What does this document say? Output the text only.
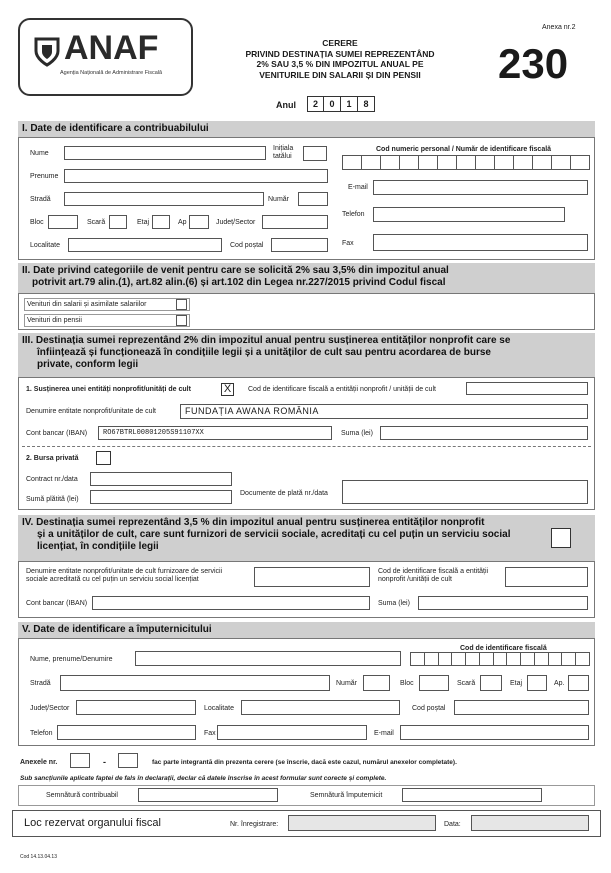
ANAF
Agenția Națională de Administrare Fiscală
Anexa nr.2
CERERE
PRIVIND DESTINAȚIA SUMEI REPREZENTÂND
2% SAU 3,5 % DIN IMPOZITUL ANUAL PE
VENITURILE DIN SALARII ȘI DIN PENSII	230
Anul	2	0	1	8
I. Date de identificare a contribuabilului
Nume
Inițiala
tatălui
Cod numeric personal / Număr de identificare fiscală
Prenume
E-mail
Stradă	Număr
Bloc	Scară	Etaj	Ap	Județ/Sector
Telefon
Localitate	Cod poștal	Fax
II. Date privind categoriile de venit pentru care se solicită 2% sau 3,5% din impozitul anual
potrivit art.79 alin.(1), art.82 alin.(6) și art.102 din Legea nr.227/2015 privind Codul fiscal
Venituri din salarii și asimilate salariilor
Venituri din pensii
III. Destinația sumei reprezentând 2% din impozitul anual pentru susținerea entităților nonprofit care se
înființează și funcționează în condițiile legii și a unităților de cult sau pentru acordarea de burse
private, conform legii
1. Susținerea unei entități nonprofit/unități de cult	X	Cod de identificare fiscală a entității nonprofit / unității de cult
Denumire entitate nonprofit/unitate de cult	FUNDAȚIA AWANA ROMÂNIA
Cont bancar (IBAN)	RO67BTRL00801205S91107XX	Suma (lei)
2. Bursa privată
Contract nr./data
Sumă plătită (lei)
Documente de plată nr./data
IV. Destinația sumei reprezentând 3,5 % din impozitul anual pentru susținerea entităților nonprofit
și a unităților de cult, care sunt furnizori de servicii sociale, acreditați cu cel puțin un serviciu social
licențiat, în condițiile legii
Denumire entitate nonprofit/unitate de cult furnizoare de servicii
sociale acreditată cu cel puțin un serviciu social licențiat
Cod de identificare fiscală a entității
nonprofit /unității de cult
Cont bancar (IBAN)	Suma (lei)
V. Date de identificare a împuternicitului
Cod de identificare fiscală
Nume, prenume/Denumire
Stradă	Număr	Bloc	Scară	Etaj	Ap.
Județ/Sector	Localitate	Cod poștal
Telefon	Fax	E-mail
Anexele nr.	-	fac parte integrantă din prezenta cerere (se înscrie, dacă este cazul, numărul anexelor completate).
Sub sancțiunile aplicate faptei de fals în declarații, declar că datele înscrise în acest formular sunt corecte și complete.
Semnătură contribuabil	Semnătură împuternicit
Loc rezervat organului fiscal	Nr. înregistrare:	Data:
Cod 14.13.04.13
